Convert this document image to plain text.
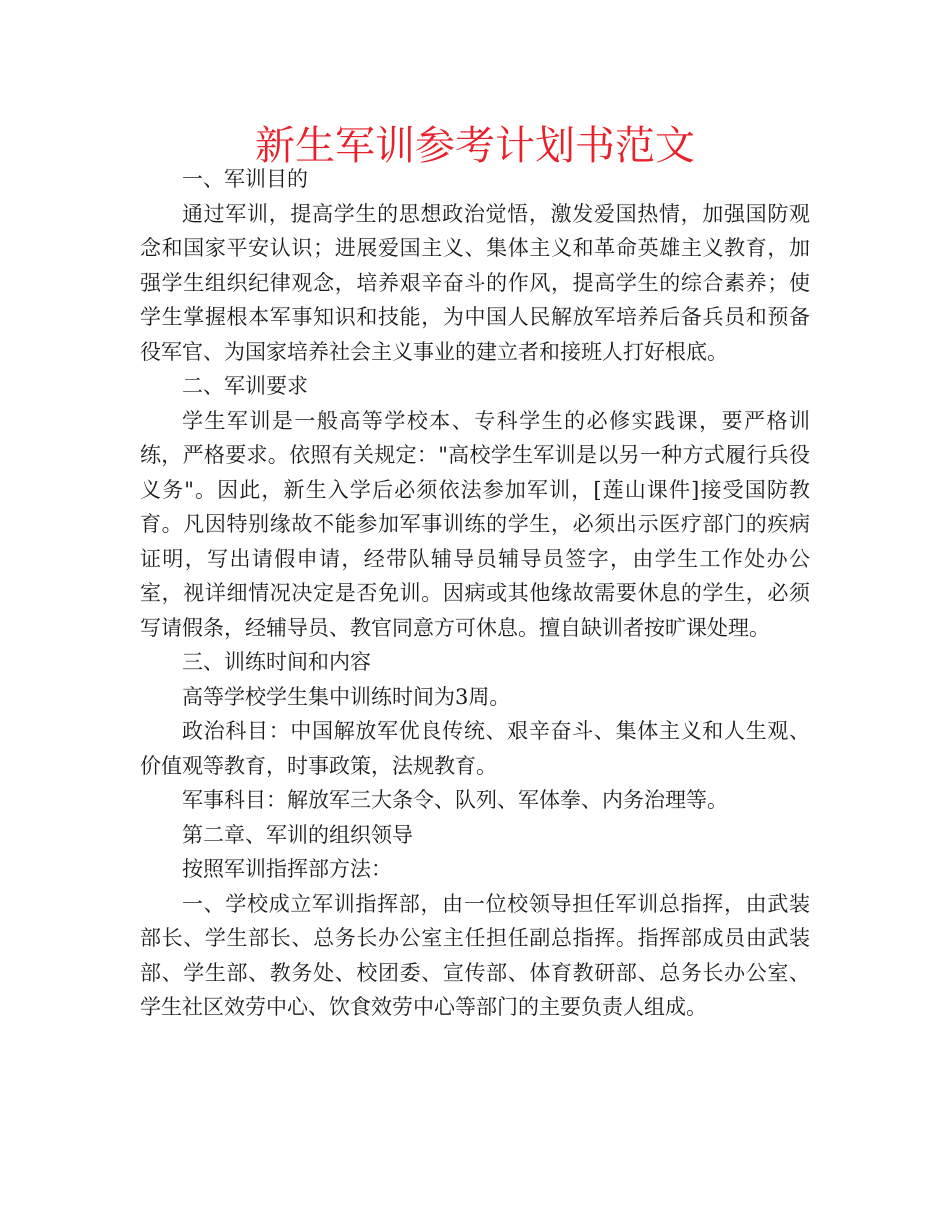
新生军训参考计划书范文

一、军训目的

通过军训，提高学生的思想政治觉悟，激发爱国热情，加强国防观念和国家平安认识；进展爱国主义、集体主义和革命英雄主义教育，加强学生组织纪律观念，培养艰辛奋斗的作风，提高学生的综合素养；使学生掌握根本军事知识和技能，为中国人民解放军培养后备兵员和预备役军官、为国家培养社会主义事业的建立者和接班人打好根底。

二、军训要求

学生军训是一般高等学校本、专科学生的必修实践课，要严格训练，严格要求。依照有关规定："高校学生军训是以另一种方式履行兵役义务"。因此，新生入学后必须依法参加军训，[莲山课件]接受国防教育。凡因特别缘故不能参加军事训练的学生，必须出示医疗部门的疾病证明，写出请假申请，经带队辅导员辅导员签字，由学生工作处办公室，视详细情况决定是否免训。因病或其他缘故需要休息的学生，必须写请假条，经辅导员、教官同意方可休息。擅自缺训者按旷课处理。

三、训练时间和内容

高等学校学生集中训练时间为3周。

政治科目：中国解放军优良传统、艰辛奋斗、集体主义和人生观、价值观等教育，时事政策，法规教育。

军事科目：解放军三大条令、队列、军体拳、内务治理等。

第二章、军训的组织领导

按照军训指挥部方法：

一、学校成立军训指挥部，由一位校领导担任军训总指挥，由武装部长、学生部长、总务长办公室主任担任副总指挥。指挥部成员由武装部、学生部、教务处、校团委、宣传部、体育教研部、总务长办公室、学生社区效劳中心、饮食效劳中心等部门的主要负责人组成。
